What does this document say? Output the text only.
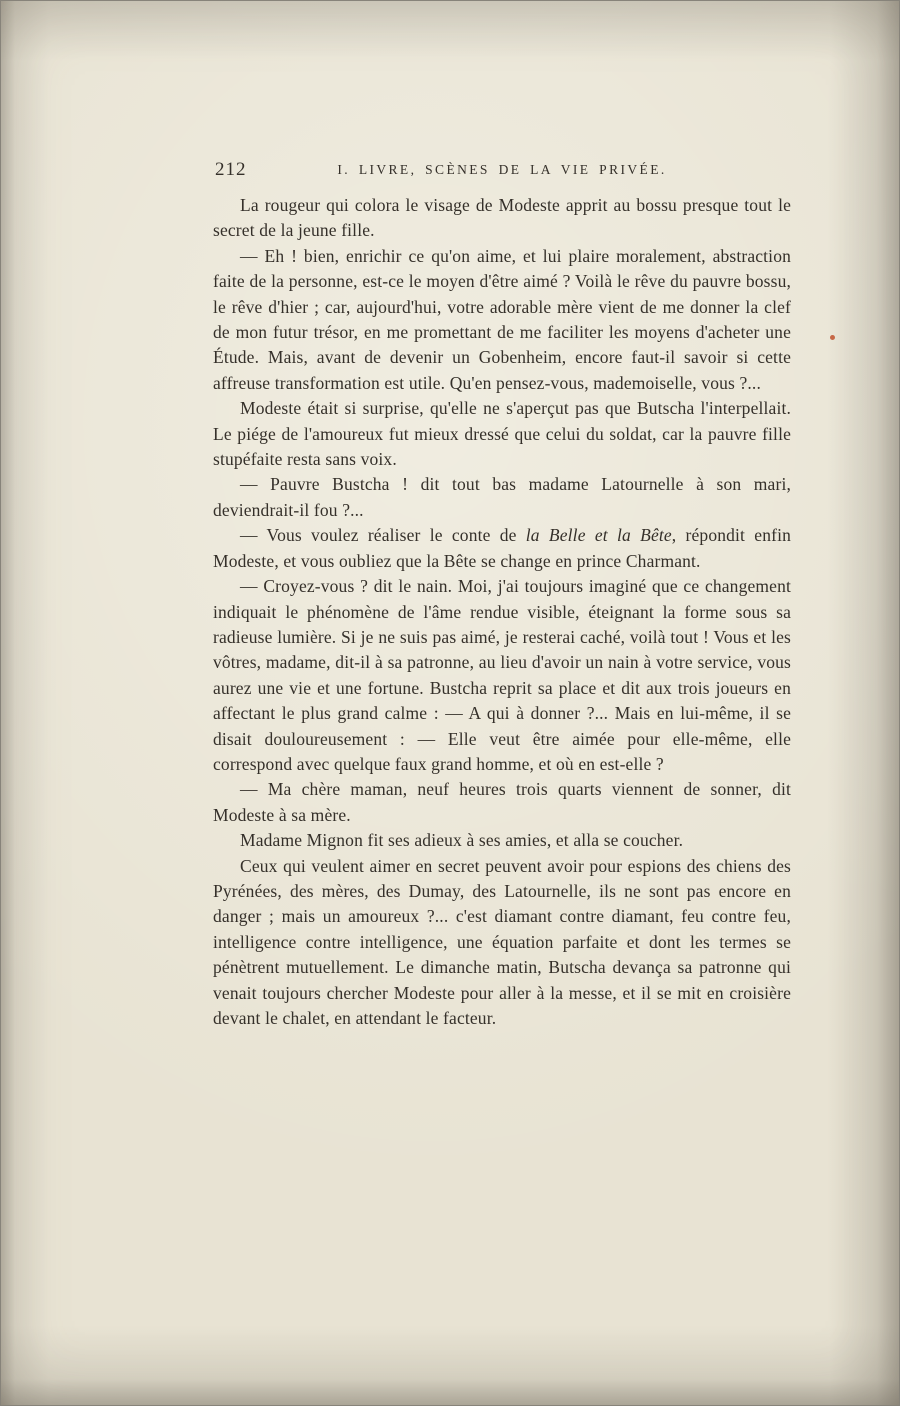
212	I. LIVRE, SCÈNES DE LA VIE PRIVÉE.

La rougeur qui colora le visage de Modeste apprit au bossu presque tout le secret de la jeune fille.

— Eh ! bien, enrichir ce qu'on aime, et lui plaire moralement, abstraction faite de la personne, est-ce le moyen d'être aimé ? Voilà le rêve du pauvre bossu, le rêve d'hier ; car, aujourd'hui, votre adorable mère vient de me donner la clef de mon futur trésor, en me promettant de me faciliter les moyens d'acheter une Étude. Mais, avant de devenir un Gobenheim, encore faut-il savoir si cette affreuse transformation est utile. Qu'en pensez-vous, mademoiselle, vous ?...

Modeste était si surprise, qu'elle ne s'aperçut pas que Butscha l'interpellait. Le piége de l'amoureux fut mieux dressé que celui du soldat, car la pauvre fille stupéfaite resta sans voix.

— Pauvre Bustcha ! dit tout bas madame Latournelle à son mari, deviendrait-il fou ?...

— Vous voulez réaliser le conte de la Belle et la Bête, répondit enfin Modeste, et vous oubliez que la Bête se change en prince Charmant.

— Croyez-vous ? dit le nain. Moi, j'ai toujours imaginé que ce changement indiquait le phénomène de l'âme rendue visible, éteignant la forme sous sa radieuse lumière. Si je ne suis pas aimé, je resterai caché, voilà tout ! Vous et les vôtres, madame, dit-il à sa patronne, au lieu d'avoir un nain à votre service, vous aurez une vie et une fortune. Bustcha reprit sa place et dit aux trois joueurs en affectant le plus grand calme : — A qui à donner ?... Mais en lui-même, il se disait douloureusement : — Elle veut être aimée pour elle-même, elle correspond avec quelque faux grand homme, et où en est-elle ?

— Ma chère maman, neuf heures trois quarts viennent de sonner, dit Modeste à sa mère.

Madame Mignon fit ses adieux à ses amies, et alla se coucher.

Ceux qui veulent aimer en secret peuvent avoir pour espions des chiens des Pyrénées, des mères, des Dumay, des Latournelle, ils ne sont pas encore en danger ; mais un amoureux ?... c'est diamant contre diamant, feu contre feu, intelligence contre intelligence, une équation parfaite et dont les termes se pénètrent mutuellement. Le dimanche matin, Butscha devança sa patronne qui venait toujours chercher Modeste pour aller à la messe, et il se mit en croisière devant le chalet, en attendant le facteur.
